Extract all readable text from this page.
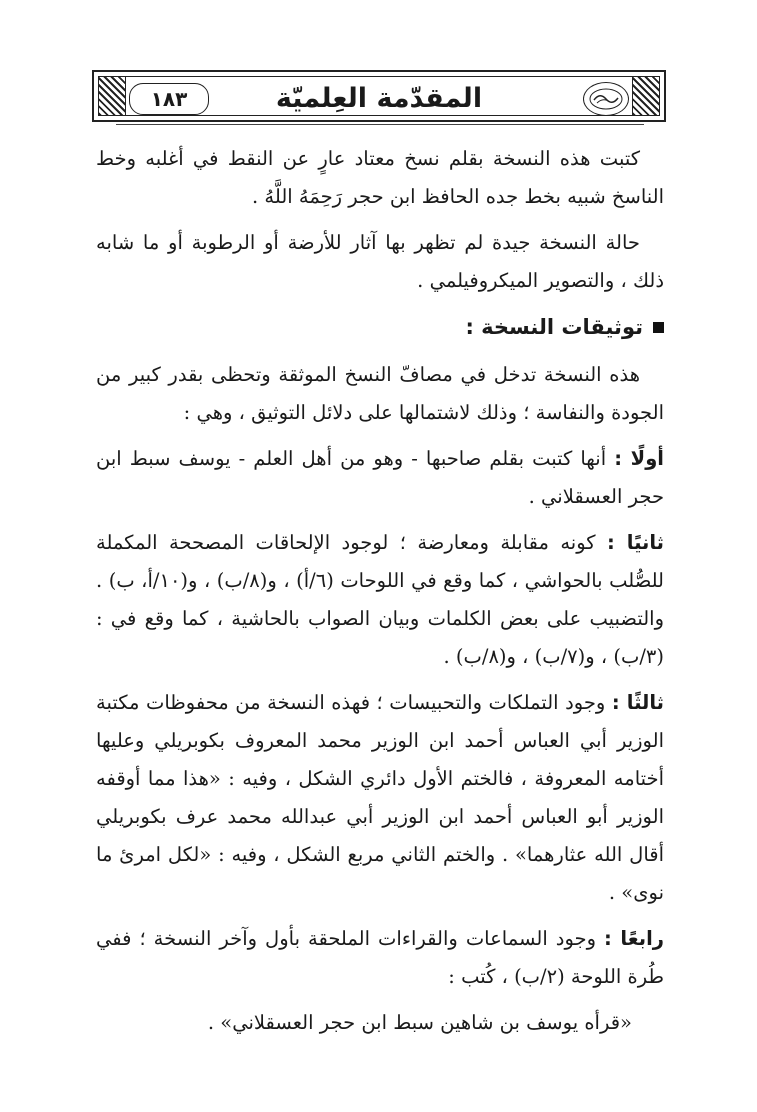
١٨٣	المقدّمة العِلميّة

كتبت هذه النسخة بقلم نسخ معتاد عارٍ عن النقط في أغلبه وخط الناسخ شبيه بخط جده الحافظ ابن حجر رَحِمَهُ اللَّهُ .

حالة النسخة جيدة لم تظهر بها آثار للأرضة أو الرطوبة أو ما شابه ذلك ، والتصوير الميكروفيلمي .

توثيقات النسخة :

هذه النسخة تدخل في مصافّ النسخ الموثقة وتحظى بقدر كبير من الجودة والنفاسة ؛ وذلك لاشتمالها على دلائل التوثيق ، وهي :

أولًا : أنها كتبت بقلم صاحبها - وهو من أهل العلم - يوسف سبط ابن حجر العسقلاني .

ثانيًا : كونه مقابلة ومعارضة ؛ لوجود الإلحاقات المصححة المكملة للصُّلب بالحواشي ، كما وقع في اللوحات (٦/أ) ، و(٨/ب) ، و(١٠/أ، ب) . والتضبيب على بعض الكلمات وبيان الصواب بالحاشية ، كما وقع في : (٣/ب) ، و(٧/ب) ، و(٨/ب) .

ثالثًا : وجود التملكات والتحبيسات ؛ فهذه النسخة من محفوظات مكتبة الوزير أبي العباس أحمد ابن الوزير محمد المعروف بكوبريلي وعليها أختامه المعروفة ، فالختم الأول دائري الشكل ، وفيه : «هذا مما أوقفه الوزير أبو العباس أحمد ابن الوزير أبي عبدالله محمد عرف بكوبريلي أقال الله عثارهما» . والختم الثاني مربع الشكل ، وفيه : «لكل امرئ ما نوى» .

رابعًا : وجود السماعات والقراءات الملحقة بأول وآخر النسخة ؛ ففي طُرة اللوحة (٢/ب) ، كُتب :

«قرأه يوسف بن شاهين سبط ابن حجر العسقلاني» .
